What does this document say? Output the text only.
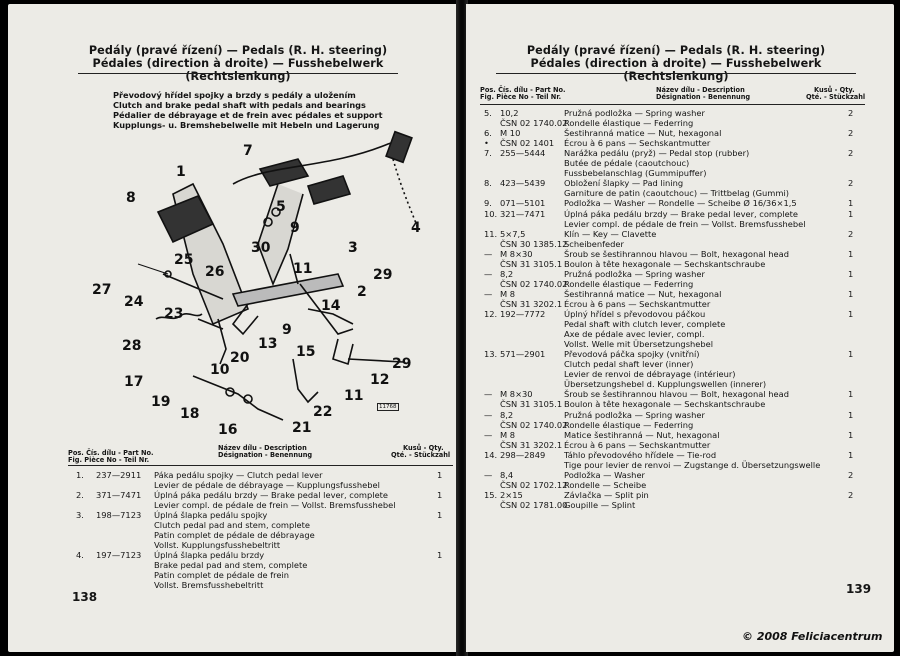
Pedály (pravé řízení) — Pedals (R. H. steering)
Pédales (direction à droite) — Fusshebelwerk (Rechtslenkung)
Převodový hřídel spojky a brzdy s pedály a uložením
Clutch and brake pedal shaft with pedals and bearings
Pédalier de débrayage et de frein avec pédales et support
Kupplungs- u. Bremshebelwelle mit Hebeln und Lagerung
1
2
3
4
5
7
8
9
9
10
11
11
12
13
14
15
16
17
18
19
20
21
22
23
24
25
26
27
28
29
29
30
11768
Pos. Čís. dílu - Part No.
Fig. Pièce No - Teil Nr.
Název dílu - Description
Désignation - Benennung
Kusů - Qty.
Qté. - Stückzahl
1. 237—2911 Páka pedálu spojky — Clutch pedal lever	1
Levier de pédale de débrayage — Kupplungsfusshebel
2. 371—7471 Úplná páka pedálu brzdy — Brake pedal lever, complete	1
Levier compl. de pédale de frein — Vollst. Bremsfusshebel
3. 198—7123 Úplná šlapka pedálu spojky	1
Clutch pedal pad and stem, complete
Patin complet de pédale de débrayage
Vollst. Kupplungsfusshebeltritt
4. 197—7123 Úplná šlapka pedálu brzdy	1
Brake pedal pad and stem, complete
Patin complet de pédale de frein
Vollst. Bremsfusshebeltritt
138
Pedály (pravé řízení) — Pedals (R. H. steering)
Pédales (direction à droite) — Fusshebelwerk (Rechtslenkung)
Pos. Čís. dílu - Part No.
Fig. Pièce No - Teil Nr.
Název dílu - Description
Désignation - Benennung
Kusů - Qty.
Qté. - Stückzahl
5. 10,2	Pružná podložka — Spring washer	2
ČSN 02 1740.02
Rondelle élastique — Federring
6. M 10	Šestihranná matice — Nut, hexagonal	2
• ČSN 02 1401 Écrou à 6 pans — Sechskantmutter
7. 255—5444 Narážka pedálu (pryž) — Pedal stop (rubber)	2
Butée de pédale (caoutchouc)
Fussbebelanschlag (Gummipuffer)
8. 423—5439 Obložení šlapky — Pad lining	2
Garniture de patin (caoutchouc) — Trittbelag (Gummi)
9. 071—5101 Podložka — Washer — Rondelle — Scheibe Ø 16/36×1,5	1
10. 321—7471 Úplná páka pedálu brzdy — Brake pedal lever, complete	1
Levier compl. de pédale de frein — Vollst. Bremsfusshebel
11. 5×7,5	Klín — Key — Clavette	2
ČSN 30 1385.12
Scheibenfeder
— M 8×30	Šroub se šestihrannou hlavou — Bolt, hexagonal head	1
ČSN 31 3105.1 Boulon à tête hexagonale — Sechskantschraube
— 8,2	Pružná podložka — Spring washer	1
ČSN 02 1740.02
Rondelle élastique — Federring
— M 8	Šestihranná matice — Nut, hexagonal	1
ČSN 31 3202.1 Écrou à 6 pans — Sechskantmutter
12. 192—7772 Úplný hřídel s převodovou páčkou	1
Pedal shaft with clutch lever, complete
Axe de pédale avec levier, compl.
Vollst. Welle mit Übersetzungshebel
13. 571—2901 Převodová páčka spojky (vnitřní)	1
Clutch pedal shaft lever (inner)
Levier de renvoi de débrayage (intérieur)
Übersetzungshebel d. Kupplungswellen (innerer)
— M 8×30	Šroub se šestihrannou hlavou — Bolt, hexagonal head	1
ČSN 31 3105.1 Boulon à tête hexagonale — Sechskantschraube
— 8,2	Pružná podložka — Spring washer	1
ČSN 02 1740.02
Rondelle élastique — Federring
— M 8	Matice šestihranná — Nut, hexagonal	1
ČSN 31 3202.1 Écrou à 6 pans — Sechskantmutter
14. 298—2849 Táhlo převodového hřídele — Tie-rod	1
Tige pour levier de renvoi — Zugstange d. Übersetzungswelle
— 8,4	Podložka — Washer	2
ČSN 02 1702.12
Rondelle — Scheibe
15. 2×15	Závlačka — Split pin	2
ČSN 02 1781.00
Goupille — Splint
139
© 2008 Feliciacentrum
